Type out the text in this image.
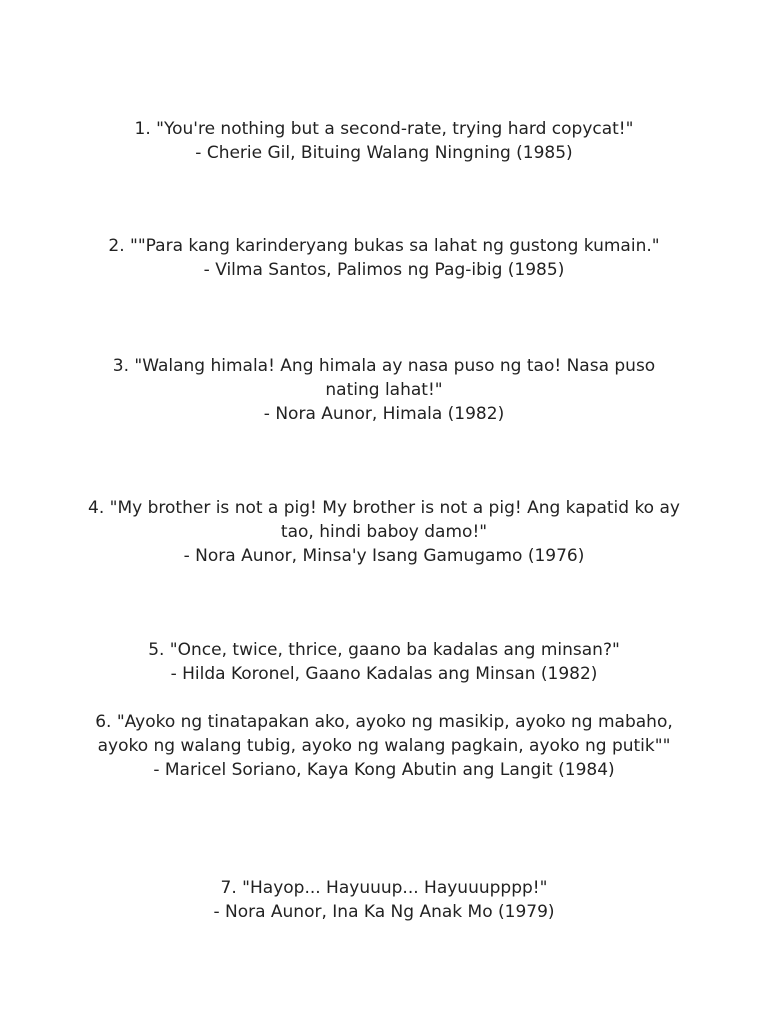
1. "You're nothing but a second-rate, trying hard copycat!"
- Cherie Gil, Bituing Walang Ningning (1985)
2. ""Para kang karinderyang bukas sa lahat ng gustong kumain."
- Vilma Santos, Palimos ng Pag-ibig (1985)
3. "Walang himala! Ang himala ay nasa puso ng tao! Nasa puso nating lahat!"
- Nora Aunor, Himala (1982)
4. "My brother is not a pig! My brother is not a pig! Ang kapatid ko ay tao, hindi baboy damo!"
- Nora Aunor, Minsa'y Isang Gamugamo (1976)
5. "Once, twice, thrice, gaano ba kadalas ang minsan?"
- Hilda Koronel, Gaano Kadalas ang Minsan (1982)
6. "Ayoko ng tinatapakan ako, ayoko ng masikip, ayoko ng mabaho, ayoko ng walang tubig, ayoko ng walang pagkain, ayoko ng putik""
- Maricel Soriano, Kaya Kong Abutin ang Langit (1984)
7. "Hayop... Hayuuup... Hayuuupppp!"
- Nora Aunor, Ina Ka Ng Anak Mo (1979)
